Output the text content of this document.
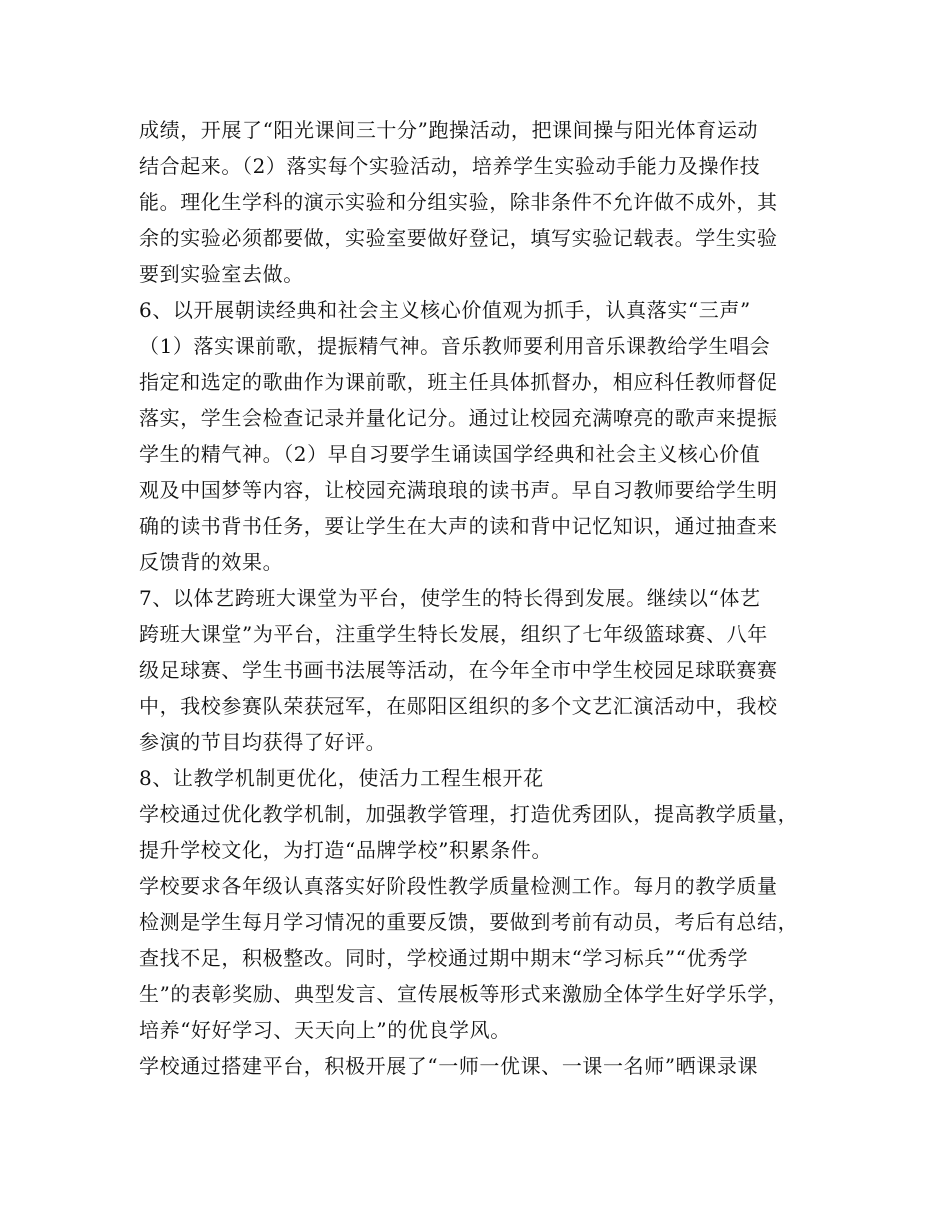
成绩，开展了“阳光课间三十分”跑操活动，把课间操与阳光体育运动
结合起来。（2）落实每个实验活动，培养学生实验动手能力及操作技
能。理化生学科的演示实验和分组实验，除非条件不允许做不成外，其
余的实验必须都要做，实验室要做好登记，填写实验记载表。学生实验
要到实验室去做。
6、以开展朝读经典和社会主义核心价值观为抓手，认真落实“三声”
（1）落实课前歌，提振精气神。音乐教师要利用音乐课教给学生唱会
指定和选定的歌曲作为课前歌，班主任具体抓督办，相应科任教师督促
落实，学生会检查记录并量化记分。通过让校园充满嘹亮的歌声来提振
学生的精气神。（2）早自习要学生诵读国学经典和社会主义核心价值
观及中国梦等内容，让校园充满琅琅的读书声。早自习教师要给学生明
确的读书背书任务，要让学生在大声的读和背中记忆知识，通过抽查来
反馈背的效果。
7、以体艺跨班大课堂为平台，使学生的特长得到发展。继续以“体艺
跨班大课堂”为平台，注重学生特长发展，组织了七年级篮球赛、八年
级足球赛、学生书画书法展等活动，在今年全市中学生校园足球联赛赛
中，我校参赛队荣获冠军，在郧阳区组织的多个文艺汇演活动中，我校
参演的节目均获得了好评。
8、让教学机制更优化，使活力工程生根开花
学校通过优化教学机制，加强教学管理，打造优秀团队，提高教学质量，
提升学校文化，为打造“品牌学校”积累条件。
学校要求各年级认真落实好阶段性教学质量检测工作。每月的教学质量
检测是学生每月学习情况的重要反馈，要做到考前有动员，考后有总结，
查找不足，积极整改。同时，学校通过期中期末“学习标兵”“优秀学
生”的表彰奖励、典型发言、宣传展板等形式来激励全体学生好学乐学，
培养“好好学习、天天向上”的优良学风。
学校通过搭建平台，积极开展了“一师一优课、一课一名师”晒课录课
